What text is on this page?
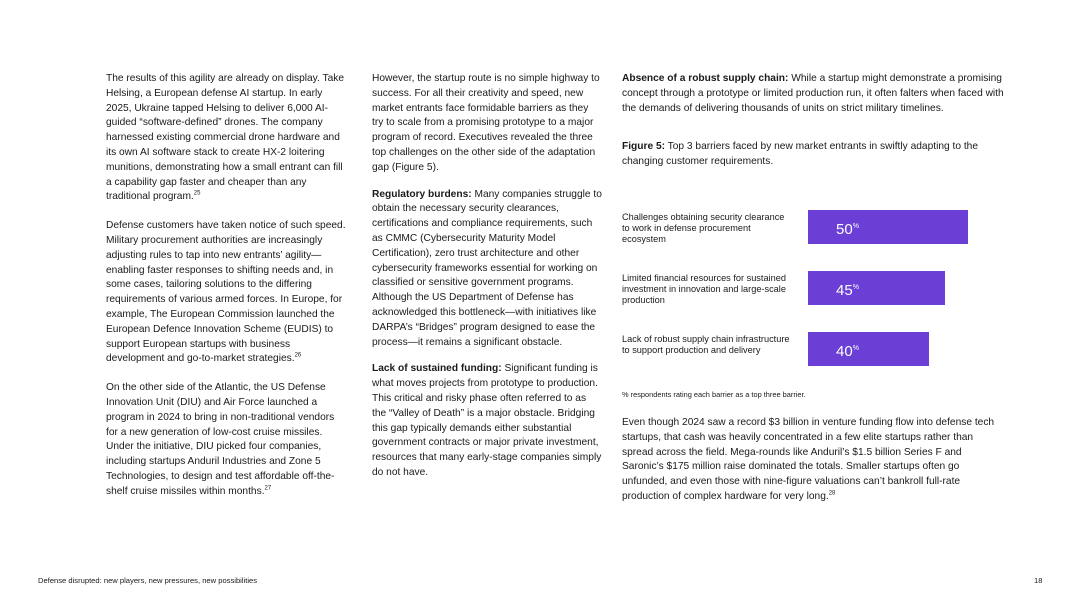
The results of this agility are already on display. Take Helsing, a European defense AI startup. In early 2025, Ukraine tapped Helsing to deliver 6,000 AI-guided “software-defined” drones. The company harnessed existing commercial drone hardware and its own AI software stack to create HX-2 loitering munitions, demonstrating how a small entrant can fill a capability gap faster and cheaper than any traditional program.$^{25}$

Defense customers have taken notice of such speed. Military procurement authorities are increasingly adjusting rules to tap into new entrants’ agility—enabling faster responses to shifting needs and, in some cases, tailoring solutions to the differing requirements of various armed forces. In Europe, for example, The European Commission launched the European Defence Innovation Scheme (EUDIS) to support European startups with business development and go-to-market strategies.$^{26}$

On the other side of the Atlantic, the US Defense Innovation Unit (DIU) and Air Force launched a program in 2024 to bring in non-traditional vendors for a new generation of low-cost cruise missiles. Under the initiative, DIU picked four companies, including startups Anduril Industries and Zone 5 Technologies, to design and test affordable off-the-shelf cruise missiles within months.$^{27}$

However, the startup route is no simple highway to success. For all their creativity and speed, new market entrants face formidable barriers as they try to scale from a promising prototype to a major program of record. Executives revealed the three top challenges on the other side of the adaptation gap (Figure 5).

Regulatory burdens: Many companies struggle to obtain the necessary security clearances, certifications and compliance requirements, such as CMMC (Cybersecurity Maturity Model Certification), zero trust architecture and other cybersecurity frameworks essential for working on classified or sensitive government programs. Although the US Department of Defense has acknowledged this bottleneck—with initiatives like DARPA’s “Bridges” program designed to ease the process—it remains a significant obstacle.

Lack of sustained funding: Significant funding is what moves projects from prototype to production. This critical and risky phase often referred to as the “Valley of Death” is a major obstacle. Bridging this gap typically demands either substantial government contracts or major private investment, resources that many early-stage companies simply do not have.

Absence of a robust supply chain: While a startup might demonstrate a promising concept through a prototype or limited production run, it often falters when faced with the demands of delivering thousands of units on strict military timelines.

Figure 5: Top 3 barriers faced by new market entrants in swiftly adapting to the changing customer requirements.

Challenges obtaining security clearance to work in defense procurement ecosystem
50%
Limited financial resources for sustained investment in innovation and large-scale production
45%
Lack of robust supply chain infrastructure to support production and delivery	40%
% respondents rating each barrier as a top three barrier.

Even though 2024 saw a record $3 billion in venture funding flow into defense tech startups, that cash was heavily concentrated in a few elite startups rather than spread across the field. Mega-rounds like Anduril’s $1.5 billion Series F and Saronic’s $175 million raise dominated the totals. Smaller startups often go unfunded, and even those with nine-figure valuations can’t bankroll full-rate production of complex hardware for very long.$^{28}$

Defense disrupted: new players, new pressures, new possibilities	18
